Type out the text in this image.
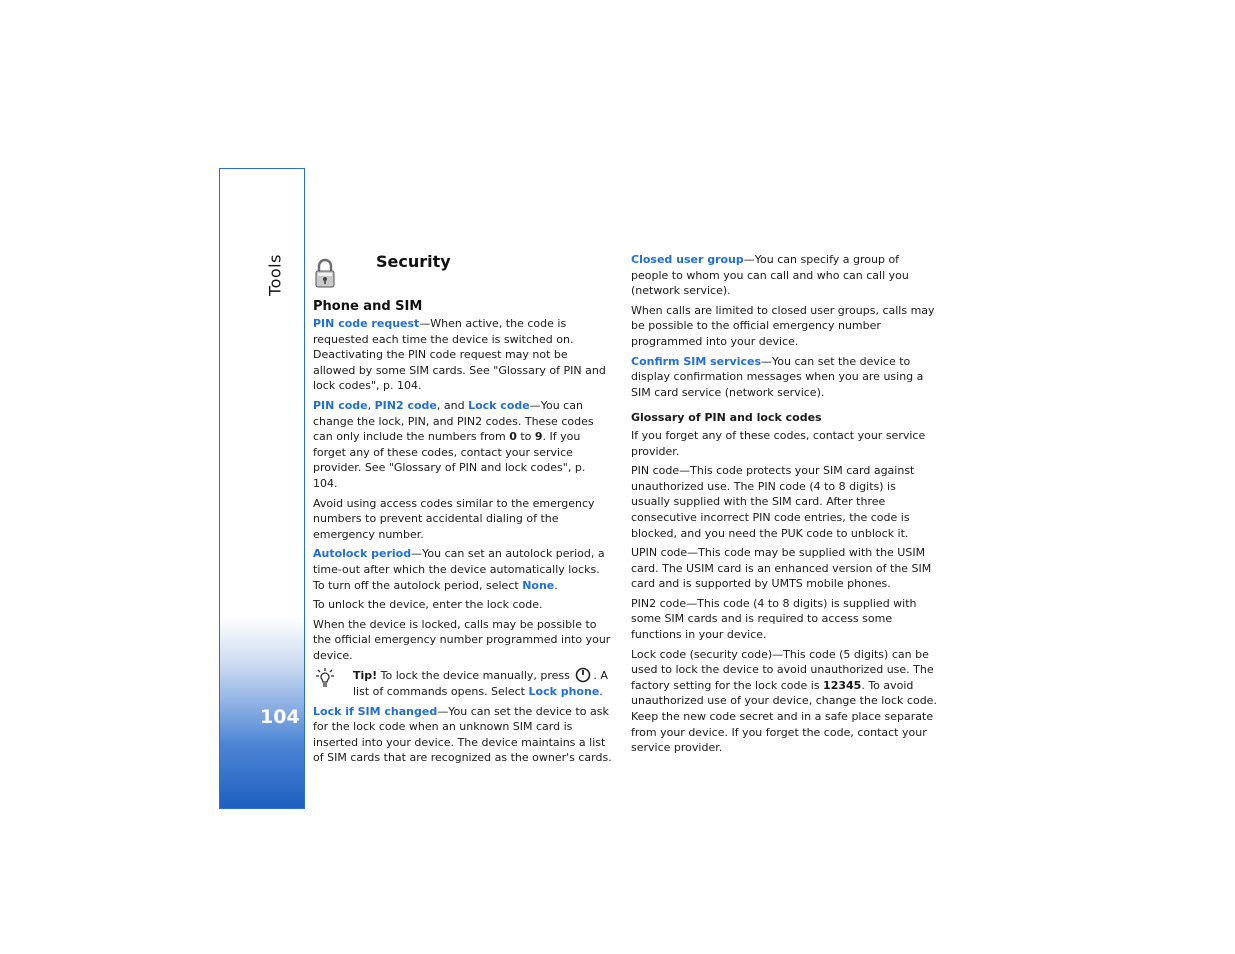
Tools
104
Security
Phone and SIM

PIN code request—When active, the code is requested each time the device is switched on. Deactivating the PIN code request may not be allowed by some SIM cards. See "Glossary of PIN and lock codes", p. 104.

PIN code, PIN2 code, and Lock code—You can change the lock, PIN, and PIN2 codes. These codes can only include the numbers from 0 to 9. If you forget any of these codes, contact your service provider. See "Glossary of PIN and lock codes", p. 104.

Avoid using access codes similar to the emergency numbers to prevent accidental dialing of the emergency number.

Autolock period—You can set an autolock period, a time-out after which the device automatically locks. To turn off the autolock period, select None.

To unlock the device, enter the lock code.

When the device is locked, calls may be possible to the official emergency number programmed into your device.

Tip! To lock the device manually, press . A list of commands opens. Select Lock phone.

Lock if SIM changed—You can set the device to ask for the lock code when an unknown SIM card is inserted into your device. The device maintains a list of SIM cards that are recognized as the owner's cards.

Closed user group—You can specify a group of people to whom you can call and who can call you (network service).

When calls are limited to closed user groups, calls may be possible to the official emergency number programmed into your device.

Confirm SIM services—You can set the device to display confirmation messages when you are using a SIM card service (network service).

Glossary of PIN and lock codes

If you forget any of these codes, contact your service provider.

PIN code—This code protects your SIM card against unauthorized use. The PIN code (4 to 8 digits) is usually supplied with the SIM card. After three consecutive incorrect PIN code entries, the code is blocked, and you need the PUK code to unblock it.

UPIN code—This code may be supplied with the USIM card. The USIM card is an enhanced version of the SIM card and is supported by UMTS mobile phones.

PIN2 code—This code (4 to 8 digits) is supplied with some SIM cards and is required to access some functions in your device.

Lock code (security code)—This code (5 digits) can be used to lock the device to avoid unauthorized use. The factory setting for the lock code is 12345. To avoid unauthorized use of your device, change the lock code. Keep the new code secret and in a safe place separate from your device. If you forget the code, contact your service provider.
